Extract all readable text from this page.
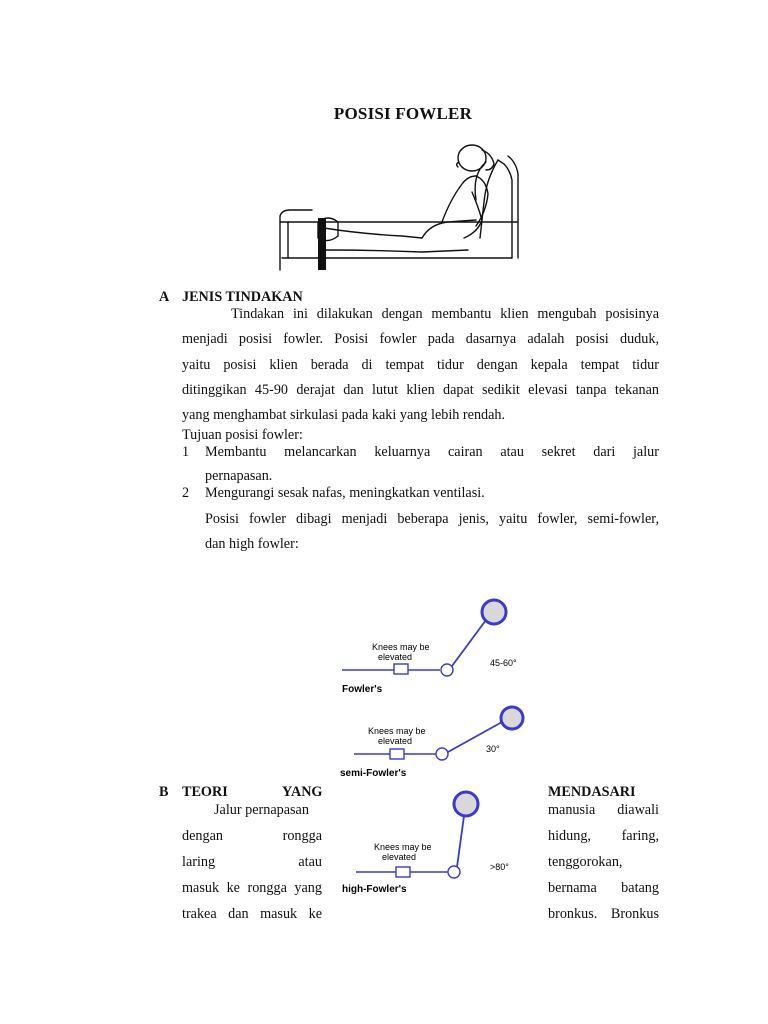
POSISI FOWLER
A JENIS TINDAKAN
Tindakan ini dilakukan dengan membantu klien mengubah posisinya
menjadi posisi fowler. Posisi fowler pada dasarnya adalah posisi duduk,
yaitu posisi klien berada di tempat tidur dengan kepala tempat tidur
ditinggikan 45-90 derajat dan lutut klien dapat sedikit elevasi tanpa tekanan
yang menghambat sirkulasi pada kaki yang lebih rendah.
Tujuan posisi fowler:
1 Membantu melancarkan keluarnya cairan atau sekret dari jalur
pernapasan.
2 Mengurangi sesak nafas, meningkatkan ventilasi.
Posisi fowler dibagi menjadi beberapa jenis, yaitu fowler, semi-fowler,
dan high fowler:
Knees may be
elevated
45-60°
Fowler's
Knees may be
elevated
30°
semi-Fowler's
B TEORI	YANG	MENDASARI
Jalur pernapasan
dengan rongga
laring atau
masuk ke rongga yang
trakea dan masuk ke
Knees may be
elevated
>80°
high-Fowler's
manusia diawali
hidung, faring,
tenggorokan,
bernama batang
bronkus. Bronkus
